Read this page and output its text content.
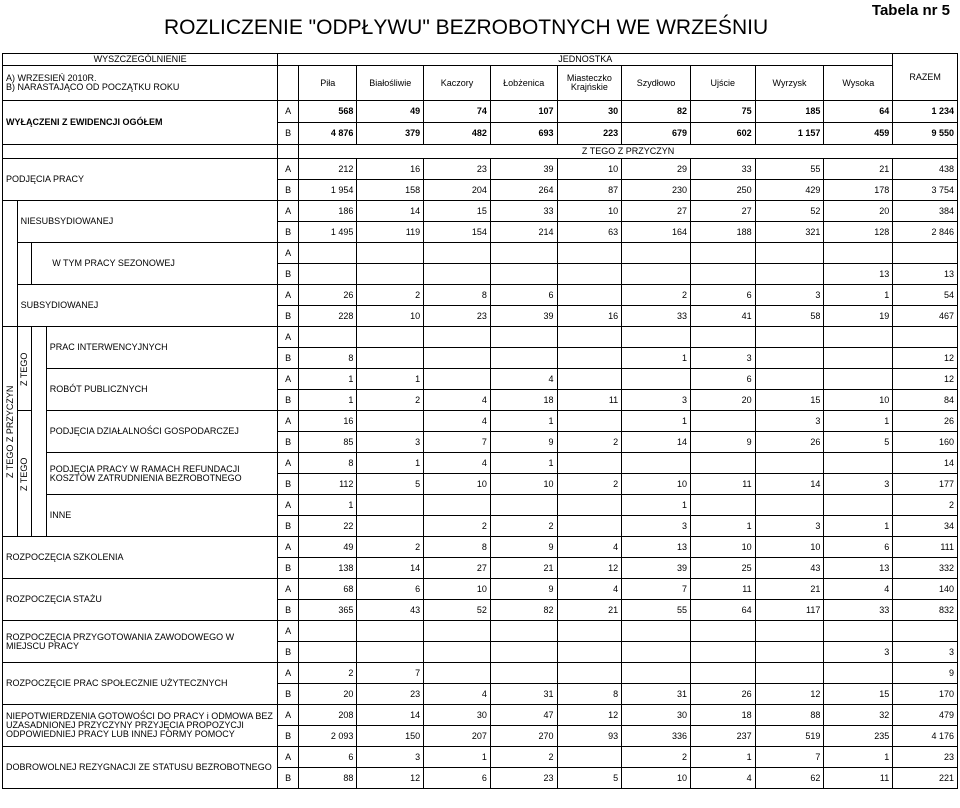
ROZLICZENIE "ODPŁYWU" BEZROBOTNYCH WE WRZEŚNIU
Tabela nr 5
WYSZCZEGÓLNIENIE				JEDNOSTKA										RAZEM

A) WRZESIEŃ 2010R.
B) NARASTAJĄCO OD POCZĄTKU ROKU					Piła	Białośliwie	Kaczory	Łobżenica	Miasteczko Krajńskie	Szydłowo	Ujście	Wyrzysk	Wysoka	
WYŁĄCZENI Z EWIDENCJI OGÓŁEM				A	568	49	74	107	30	82	75	185	64	1 234
				B	4 876	379	482	693	223	679	602	1 157	459	9 550
					Z TEGO Z PRZYCZYN									
PODJĘCIA PRACY				A	212	16	23	39	10	29	33	55	21	438
				B	1 954	158	204	264	87	230	250	429	178	3 754
	NIESUBSYDIOWANEJ			A	186	14	15	33	10	27	27	52	20	384
				B	1 495	119	154	214	63	164	188	321	128	2 846
		W TYM PRACY SEZONOWEJ		A										
				B									13	13
	SUBSYDIOWANEJ			A	26	2	8	6		2	6	3	1	54
				B	228	10	23	39	16	33	41	58	19	467
Z TEGO Z PRZYCZYN	Z TEGO		PRAC INTERWENCYJNYCH	A										
				B	8					1	3			12
			ROBÓT PUBLICZNYCH	A	1	1		4			6			12
				B	1	2	4	18	11	3	20	15	10	84
	Z TEGO		PODJĘCIA DZIAŁALNOŚCI GOSPODARCZEJ	A	16		4	1		1		3	1	26
				B	85	3	7	9	2	14	9	26	5	160
			PODJĘCIA PRACY W RAMACH REFUNDACJI KOSZTÓW ZATRUDNIENIA BEZROBOTNEGO	A	8	1	4	1						14
				B	112	5	10	10	2	10	11	14	3	177
			INNE	A	1					1				2
				B	22		2	2		3	1	3	1	34
ROZPOCZĘCIA SZKOLENIA				A	49	2	8	9	4	13	10	10	6	111
				B	138	14	27	21	12	39	25	43	13	332
ROZPOCZĘCIA STAŻU				A	68	6	10	9	4	7	11	21	4	140
				B	365	43	52	82	21	55	64	117	33	832
ROZPOCZĘCIA PRZYGOTOWANIA ZAWODOWEGO W MIEJSCU PRACY				A										
				B									3	3
ROZPOCZĘCIE PRAC SPOŁECZNIE UŻYTECZNYCH				A	2	7								9
				B	20	23	4	31	8	31	26	12	15	170
NIEPOTWIERDZENIA GOTOWOŚCI DO PRACY i ODMOWA BEZ UZASADNIONEJ PRZYCZYNY PRZYJĘCIA PROPOZYCJI ODPOWIEDNIEJ PRACY LUB INNEJ FORMY POMOCY				A	208	14	30	47	12	30	18	88	32	479
				B	2 093	150	207	270	93	336	237	519	235	4 176
DOBROWOLNEJ REZYGNACJI ZE STATUSU BEZROBOTNEGO				A	6	3	1	2		2	1	7	1	23
				B	88	12	6	23	5	10	4	62	11	221
